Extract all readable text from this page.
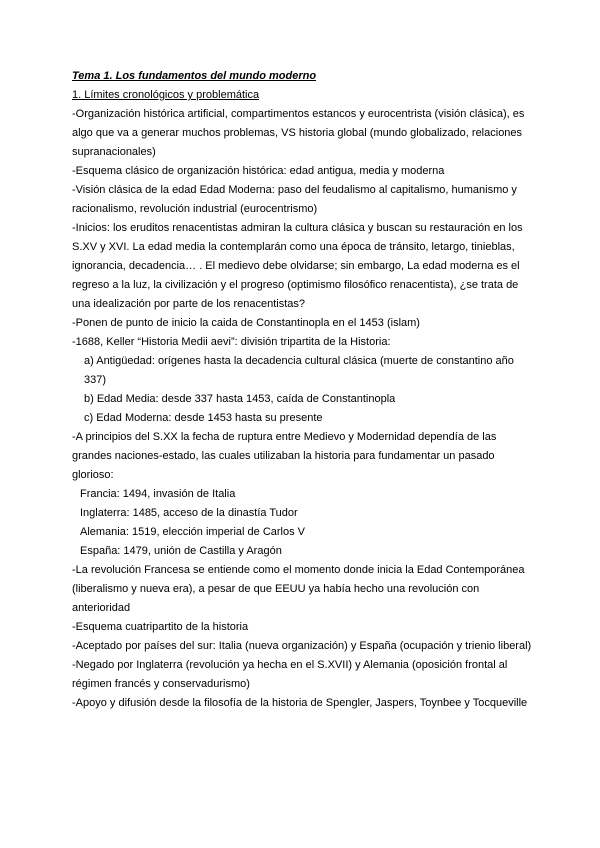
Tema 1. Los fundamentos del mundo moderno
1. Límites cronológicos y problemática
-Organización histórica artificial, compartimentos estancos y eurocentrista (visión clásica), es algo que va a generar muchos problemas, VS historia global (mundo globalizado, relaciones supranacionales)
-Esquema clásico de organización histórica: edad antigua, media y moderna
-Visión clásica de la edad Edad Moderna: paso del feudalismo al capitalismo, humanismo y racionalismo, revolución industrial (eurocentrismo)
-Inicios: los eruditos renacentistas admiran la cultura clásica y buscan su restauración en los S.XV y XVI. La edad media la contemplarán como una época de tránsito, letargo, tinieblas, ignorancia, decadencia… . El medievo debe olvidarse; sin embargo, La edad moderna es el regreso a la luz, la civilización y el progreso (optimismo filosófico renacentista), ¿se trata de una idealización por parte de los renacentistas?
-Ponen de punto de inicio la caida de Constantinopla en el 1453 (islam)
-1688, Keller “Historia Medii aevi”: división tripartita de la Historia:
a) Antigüedad: orígenes hasta la decadencia cultural clásica (muerte de constantino año 337)
b) Edad Media: desde 337 hasta 1453, caída de Constantinopla
c) Edad Moderna: desde 1453 hasta su presente
-A principios del S.XX la fecha de ruptura entre Medievo y Modernidad dependía de las grandes naciones-estado, las cuales utilizaban la historia para fundamentar un pasado glorioso:
Francia: 1494, invasión de Italia
Inglaterra: 1485, acceso de la dinastía Tudor
Alemania: 1519, elección imperial de Carlos V
España: 1479, unión de Castilla y Aragón
-La revolución Francesa se entiende como el momento donde inicia la Edad Contemporánea (liberalismo y nueva era), a pesar de que EEUU ya había hecho una revolución con anterioridad
-Esquema cuatripartito de la historia
-Aceptado por países del sur: Italia (nueva organización) y España (ocupación y trienio liberal)
-Negado por Inglaterra (revolución ya hecha en el S.XVII) y Alemania (oposición frontal al régimen francés y conservadurismo)
-Apoyo y difusión desde la filosofía de la historia de Spengler, Jaspers, Toynbee y Tocqueville
